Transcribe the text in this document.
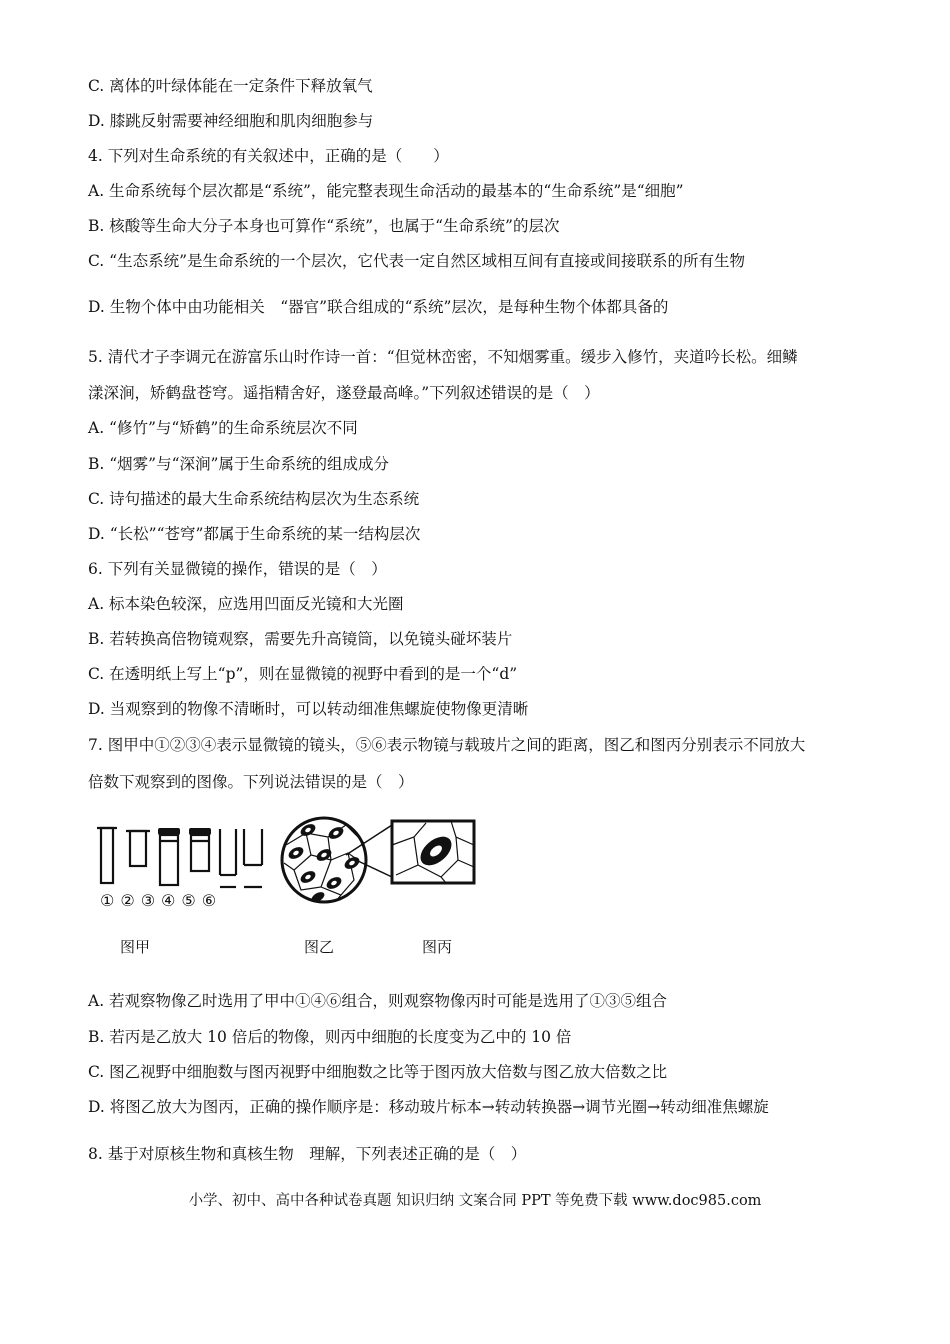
C. 离体的叶绿体能在一定条件下释放氧气
D. 膝跳反射需要神经细胞和肌肉细胞参与
4. 下列对生命系统的有关叙述中，正确的是（　　）
A. 生命系统每个层次都是“系统”，能完整表现生命活动的最基本的“生命系统”是“细胞”
B. 核酸等生命大分子本身也可算作“系统”，也属于“生命系统”的层次
C. “生态系统”是生命系统的一个层次，它代表一定自然区域相互间有直接或间接联系的所有生物
D. 生物个体中由功能相关　“器官”联合组成的“系统”层次，是每种生物个体都具备的
5. 清代才子李调元在游富乐山时作诗一首：“但觉林峦密，不知烟雾重。缓步入修竹，夹道吟长松。细鳞
漾深涧，矫鹤盘苍穹。遥指精舍好，遂登最高峰。”下列叙述错误的是（　）
A. “修竹”与“矫鹤”的生命系统层次不同
B. “烟雾”与“深涧”属于生命系统的组成成分
C. 诗句描述的最大生命系统结构层次为生态系统
D. “长松”“苍穹”都属于生命系统的某一结构层次
6. 下列有关显微镜的操作，错误的是（　）
A. 标本染色较深，应选用凹面反光镜和大光圈
B. 若转换高倍物镜观察，需要先升高镜筒，以免镜头碰坏装片
C. 在透明纸上写上“p”，则在显微镜的视野中看到的是一个“d”
D. 当观察到的物像不清晰时，可以转动细准焦螺旋使物像更清晰
7. 图甲中①②③④表示显微镜的镜头，⑤⑥表示物镜与载玻片之间的距离，图乙和图丙分别表示不同放大
倍数下观察到的图像。下列说法错误的是（　）
①②③④⑤⑥
图甲	图乙	图丙
A. 若观察物像乙时选用了甲中①④⑥组合，则观察物像丙时可能是选用了①③⑤组合
B. 若丙是乙放大 10 倍后的物像，则丙中细胞的长度变为乙中的 10 倍
C. 图乙视野中细胞数与图丙视野中细胞数之比等于图丙放大倍数与图乙放大倍数之比
D. 将图乙放大为图丙，正确的操作顺序是：移动玻片标本→转动转换器→调节光圈→转动细准焦螺旋
8. 基于对原核生物和真核生物　理解，下列表述正确的是（　）
小学、初中、高中各种试卷真题 知识归纳 文案合同 PPT 等免费下载 www.doc985.com
